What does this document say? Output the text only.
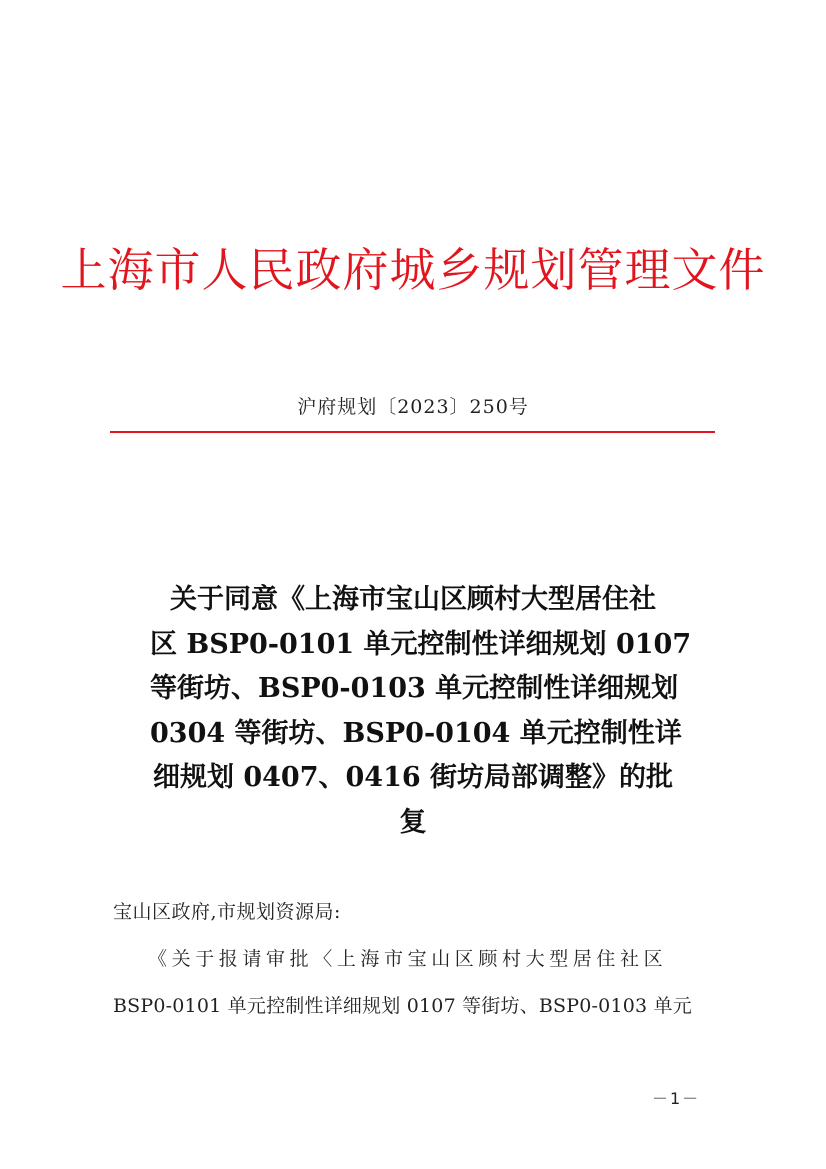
上海市人民政府城乡规划管理文件
沪府规划〔2023〕250号
关于同意《上海市宝山区顾村大型居住社
区 BSP0-0101 单元控制性详细规划 0107
等街坊、BSP0-0103 单元控制性详细规划
0304 等街坊、BSP0-0104 单元控制性详
细规划 0407、0416 街坊局部调整》的批
复
宝山区政府,市规划资源局:
《关于报请审批〈上海市宝山区顾村大型居住社区
BSP0-0101 单元控制性详细规划 0107 等街坊、BSP0-0103 单元
－1－
